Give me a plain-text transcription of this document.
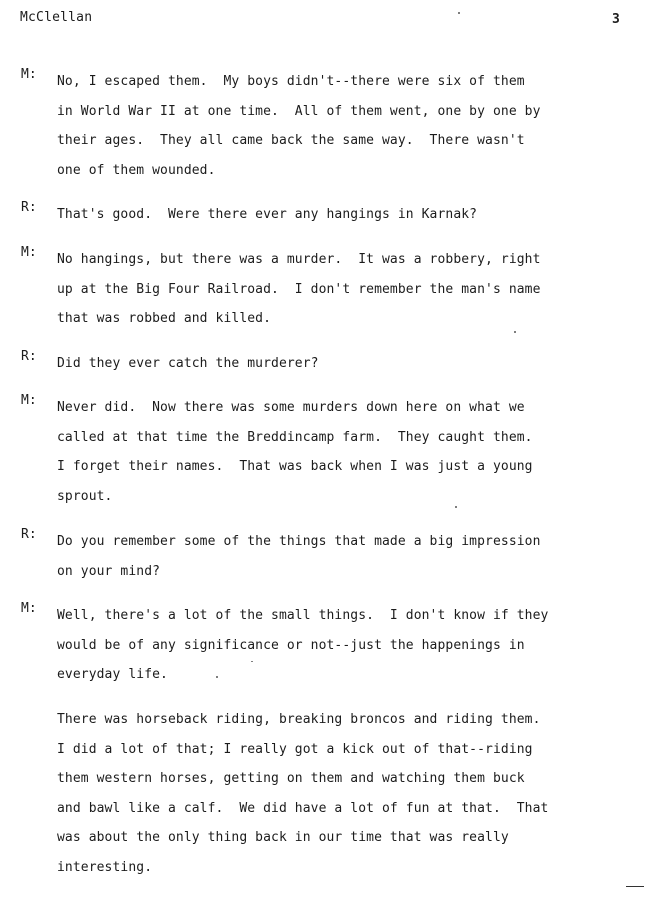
McClellan	3
M: No, I escaped them.  My boys didn't--there were six of them
in World War II at one time.  All of them went, one by one by
their ages.  They all came back the same way.  There wasn't
one of them wounded.
R: That's good.  Were there ever any hangings in Karnak?
M: No hangings, but there was a murder.  It was a robbery, right
up at the Big Four Railroad.  I don't remember the man's name
that was robbed and killed.
R: Did they ever catch the murderer?
M: Never did.  Now there was some murders down here on what we
called at that time the Breddincamp farm.  They caught them.
I forget their names.  That was back when I was just a young
sprout.
R: Do you remember some of the things that made a big impression
on your mind?
M: Well, there's a lot of the small things.  I don't know if they
would be of any significance or not--just the happenings in
everyday life.
There was horseback riding, breaking broncos and riding them.
I did a lot of that; I really got a kick out of that--riding
them western horses, getting on them and watching them buck
and bawl like a calf.  We did have a lot of fun at that.  That
was about the only thing back in our time that was really
interesting.
